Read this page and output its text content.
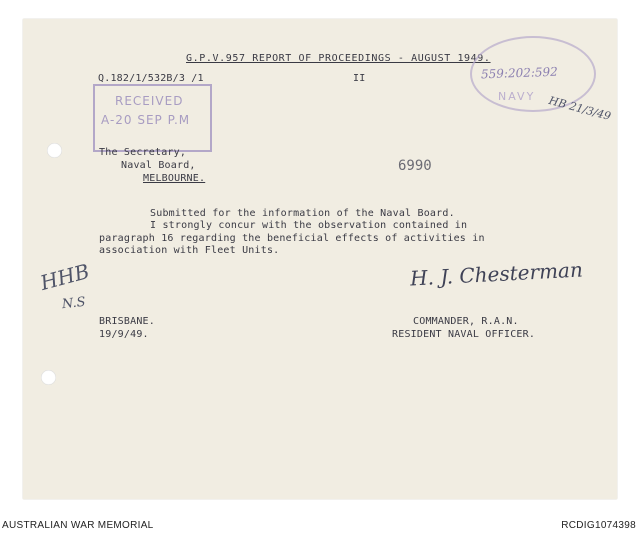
G.P.V.957 REPORT OF PROCEEDINGS - AUGUST 1949.
Q.182/1/532B/3 /1	II
RECEIVED
A-20 SEP P.M
559:202:592
NAVY
The Secretary,
Naval Board,
MELBOURNE.
6990
Submitted for the information of the Naval Board.
I strongly concur with the observation contained in
paragraph 16 regarding the beneficial effects of activities in
association with Fleet Units.
H. J. Chesterman
HHB
N.S
HB 21/3/49
BRISBANE.
19/9/49.
COMMANDER, R.A.N.
RESIDENT NAVAL OFFICER.
AUSTRALIAN WAR MEMORIAL	RCDIG1074398
